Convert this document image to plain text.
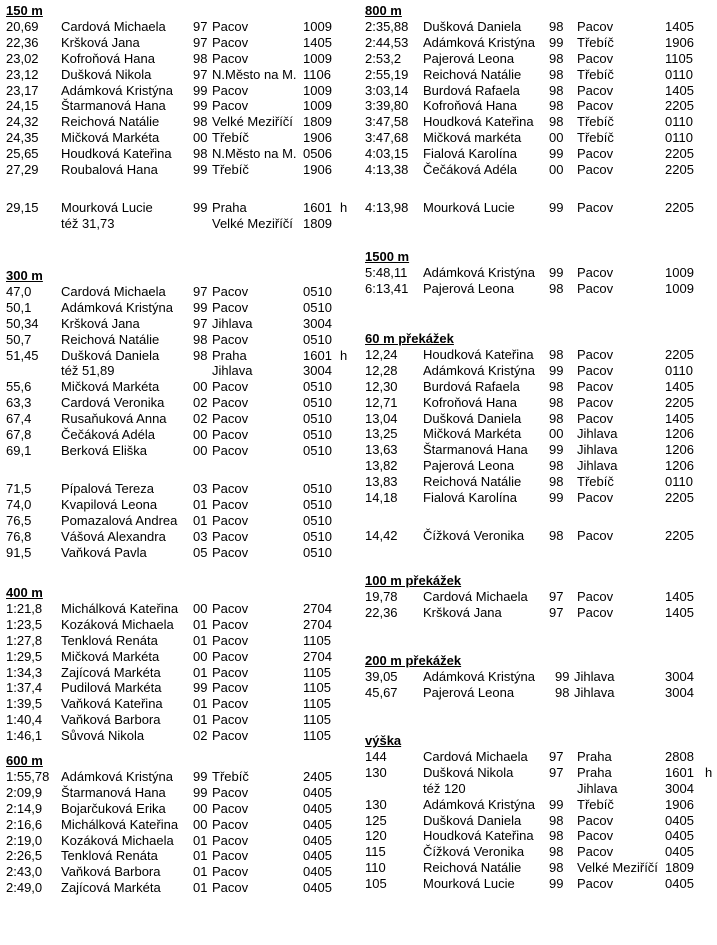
150 m
20,69 Cardová Michaela 97 Pacov	1009
22,36 Kršková Jana	97 Pacov	1405
23,02 Kofroňová Hana	98 Pacov	1009
23,12 Dušková Nikola	97 N.Město na M. 1106
23,17 Adámková Kristýna 99 Pacov	1009
24,15 Štarmanová Hana 99 Pacov	1009
24,32 Reichová Natálie	98 Velké Meziříčí 1809
24,35 Mičková Markéta	00 Třebíč	1906
25,65 Houdková Kateřina 98 N.Město na M. 0506
27,29 Roubalová Hana	99 Třebíč	1906
29,15 Mourková Lucie	99 Praha	1601 h
též 31,73	Velké Meziříčí 1809
300 m
47,0 Cardová Michaela 97 Pacov	0510
50,1 Adámková Kristýna 99 Pacov	0510
50,34 Kršková Jana	97 Jihlava	3004
50,7 Reichová Natálie	98 Pacov	0510
51,45 Dušková Daniela	98 Praha	1601 h
též 51,89	Jihlava	3004
55,6 Mičková Markéta	00 Pacov	0510
63,3 Cardová Veronika 02 Pacov	0510
67,4 Rusaňuková Anna 02 Pacov	0510
67,8 Čečáková Adéla	00 Pacov	0510
69,1 Berková Eliška	00 Pacov	0510
71,5 Pípalová Tereza	03 Pacov	0510
74,0 Kvapilová Leona	01 Pacov	0510
76,5 Pomazalová Andrea 01 Pacov	0510
76,8 Vášová Alexandra 03 Pacov	0510
91,5 Vaňková Pavla	05 Pacov	0510
400 m
1:21,8 Michálková Kateřina 00 Pacov	2704
1:23,5 Kozáková Michaela 01 Pacov	2704
1:27,8 Tenklová Renáta	01 Pacov	1105
1:29,5 Mičková Markéta	00 Pacov	2704
1:34,3 Zajícová Markéta 01 Pacov	1105
1:37,4 Pudilová Markéta 99 Pacov	1105
1:39,5 Vaňková Kateřina 01 Pacov	1105
1:40,4 Vaňková Barbora	01 Pacov	1105
1:46,1 Sůvová Nikola	02 Pacov	1105
600 m
1:55,78 Adámková Kristýna 99 Třebíč	2405
2:09,9 Štarmanová Hana 99 Pacov	0405
2:14,9 Bojarčuková Erika 00 Pacov	0405
2:16,6 Michálková Kateřina 00 Pacov	0405
2:19,0 Kozáková Michaela 01 Pacov	0405
2:26,5 Tenklová Renáta	01 Pacov	0405
2:43,0 Vaňková Barbora	01 Pacov	0405
2:49,0 Zajícová Markéta 01 Pacov	0405
800 m
2:35,88 Dušková Daniela 98 Pacov	1405
2:44,53 Adámková Kristýna 99 Třebíč	1906
2:53,2 Pajerová Leona	98 Pacov	1105
2:55,19 Reichová Natálie 98 Třebíč	0110
3:03,14 Burdová Rafaela 98 Pacov	1405
3:39,80 Kofroňová Hana 98 Pacov	2205
3:47,58 Houdková Kateřina 98 Třebíč	0110
3:47,68 Mičková markéta 00 Třebíč	0110
4:03,15 Fialová Karolína 99 Pacov	2205
4:13,38 Čečáková Adéla 00 Pacov	2205
4:13,98 Mourková Lucie	99 Pacov	2205
1500 m
5:48,11 Adámková Kristýna 99 Pacov	1009
6:13,41 Pajerová Leona	98 Pacov	1009
60 m překážek
12,24 Houdková Kateřina 98 Pacov	2205
12,28 Adámková Kristýna 99 Pacov	0110
12,30 Burdová Rafaela 98 Pacov	1405
12,71 Kofroňová Hana 98 Pacov	2205
13,04 Dušková Daniela 98 Pacov	1405
13,25 Mičková Markéta 00 Jihlava	1206
13,63 Štarmanová Hana 99 Jihlava	1206
13,82 Pajerová Leona	98 Jihlava	1206
13,83 Reichová Natálie 98 Třebíč	0110
14,18 Fialová Karolína 99 Pacov	2205
14,42 Čížková Veronika 98 Pacov	2205
100 m překážek
19,78 Cardová Michaela 97 Pacov	1405
22,36 Kršková Jana	97 Pacov	1405
200 m překážek
39,05 Adámková Kristýna 99 Jihlava	3004
45,67 Pajerová Leona	98 Jihlava	3004
výška
144	Cardová Michaela 97 Praha	2808
130	Dušková Nikola	97 Praha	1601 h
též 120	Jihlava	3004
130	Adámková Kristýna 99 Třebíč	1906
125	Dušková Daniela 98 Pacov	0405
120	Houdková Kateřina 98 Pacov	0405
115	Čížková Veronika 98 Pacov	0405
110	Reichová Natálie 98 Velké Meziříčí 1809
105	Mourková Lucie	99 Pacov	0405
